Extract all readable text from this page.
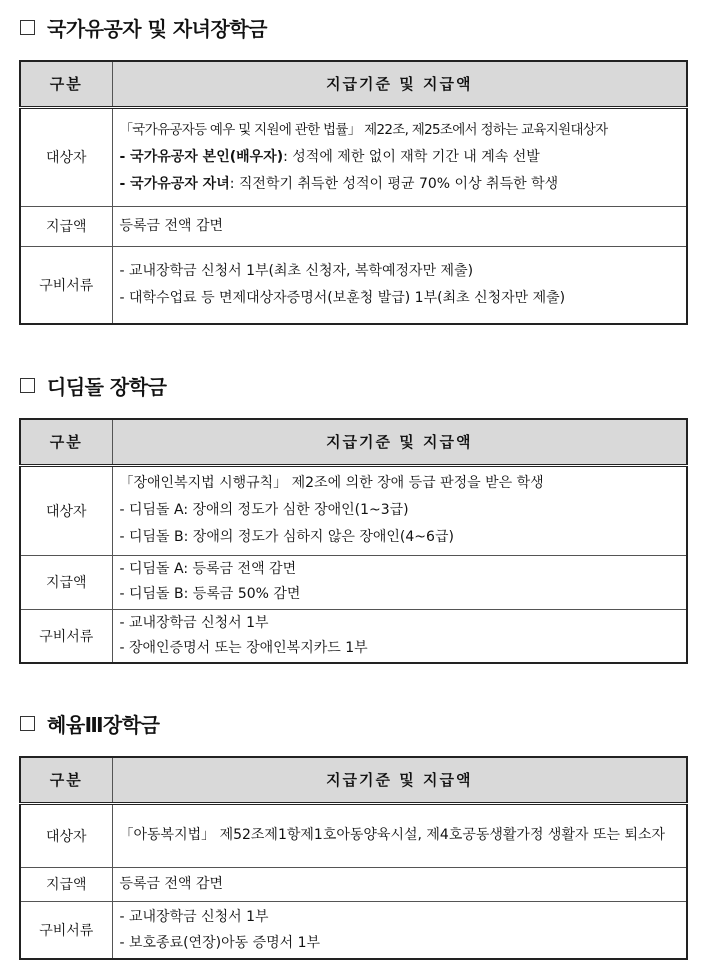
국가유공자 및 자녀장학금
구분	지급기준 및 지급액
대상자	「국가유공자등 예우 및 지원에 관한 법률」 제22조, 제25조에서 정하는 교육지원대상자
- 국가유공자 본인(배우자): 성적에 제한 없이 재학 기간 내 계속 선발
- 국가유공자 자녀: 직전학기 취득한 성적이 평균 70% 이상 취득한 학생

지급액	등록금 전액 감면

구비서류	- 교내장학금 신청서 1부(최초 신청자, 복학예정자만 제출)
- 대학수업료 등 면제대상자증명서(보훈청 발급) 1부(최초 신청자만 제출)
디딤돌 장학금
구분	지급기준 및 지급액
대상자	「장애인복지법 시행규칙」 제2조에 의한 장애 등급 판정을 받은 학생
- 디딤돌 A: 장애의 정도가 심한 장애인(1~3급)
- 디딤돌 B: 장애의 정도가 심하지 않은 장애인(4~6급)

지급액	- 디딤돌 A: 등록금 전액 감면
- 디딤돌 B: 등록금 50% 감면

구비서류	- 교내장학금 신청서 1부
- 장애인증명서 또는 장애인복지카드 1부
혜윰Ⅲ장학금
구분	지급기준 및 지급액
대상자	「아동복지법」 제52조제1항제1호아동양육시설, 제4호공동생활가정 생활자 또는 퇴소자

지급액	등록금 전액 감면

구비서류	- 교내장학금 신청서 1부
- 보호종료(연장)아동 증명서 1부
